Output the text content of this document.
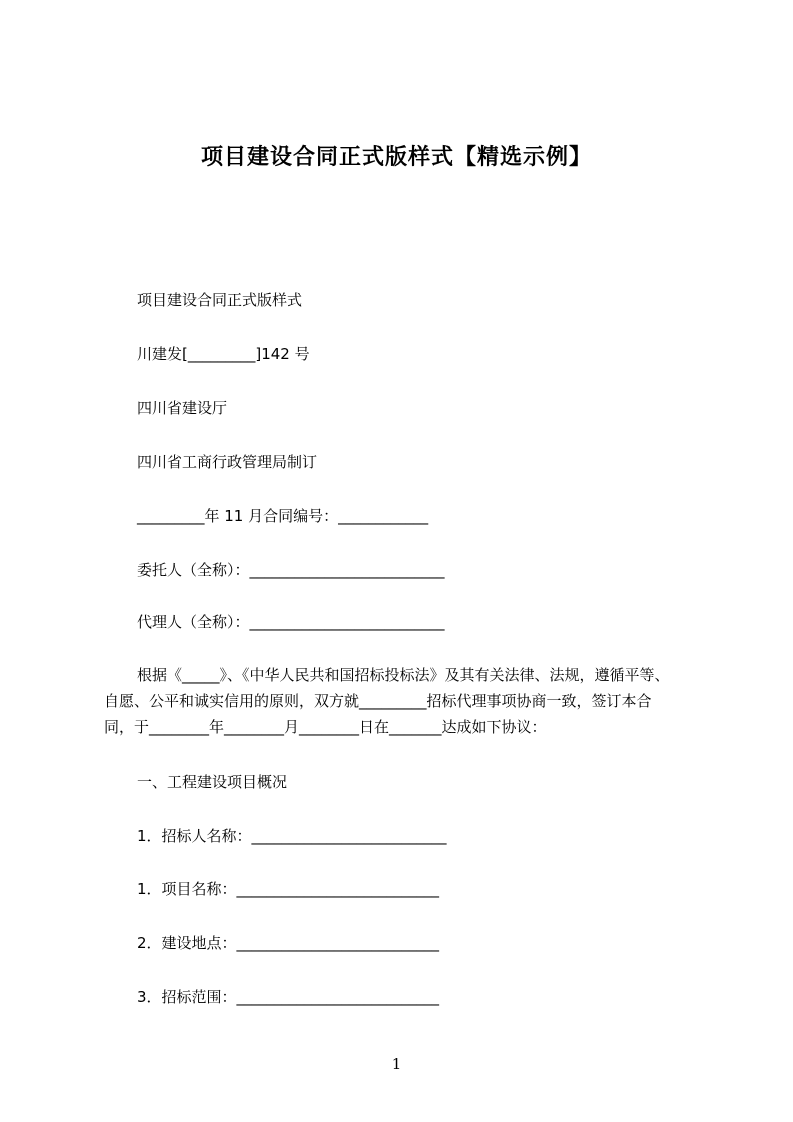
项目建设合同正式版样式【精选示例】
项目建设合同正式版样式
川建发[_________]142 号
四川省建设厅
四川省工商行政管理局制订
_________年 11 月合同编号：____________
委托人（全称）：__________________________
代理人（全称）：__________________________

根据《_____》、《中华人民共和国招标投标法》及其有关法律、法规，遵循平等、

自愿、公平和诚实信用的原则，双方就_________招标代理事项协商一致，签订本合

同，于________年________月________日在_______达成如下协议：

一、工程建设项目概况
1．招标人名称：__________________________
1．项目名称：___________________________
2．建设地点：___________________________
3．招标范围：___________________________
1
